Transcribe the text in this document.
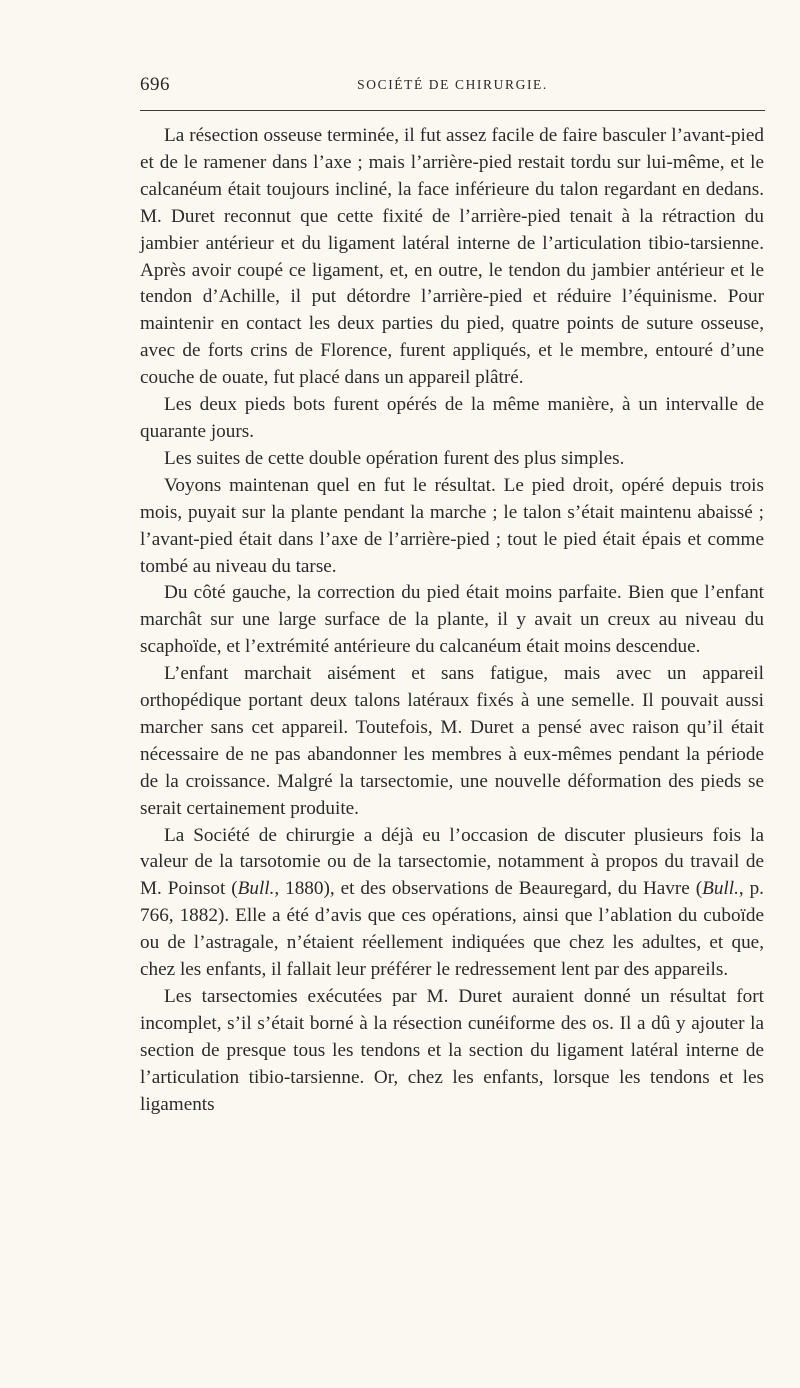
696	SOCIÉTÉ DE CHIRURGIE.

La résection osseuse terminée, il fut assez facile de faire basculer l’avant-pied et de le ramener dans l’axe ; mais l’arrière-pied restait tordu sur lui-même, et le calcanéum était toujours incliné, la face inférieure du talon regardant en dedans. M. Duret reconnut que cette fixité de l’arrière-pied tenait à la rétraction du jambier antérieur et du ligament latéral interne de l’articulation tibio-tarsienne. Après avoir coupé ce ligament, et, en outre, le tendon du jambier antérieur et le tendon d’Achille, il put détordre l’arrière-pied et réduire l’équinisme. Pour maintenir en contact les deux parties du pied, quatre points de suture osseuse, avec de forts crins de Florence, furent appliqués, et le membre, entouré d’une couche de ouate, fut placé dans un appareil plâtré.

Les deux pieds bots furent opérés de la même manière, à un intervalle de quarante jours.

Les suites de cette double opération furent des plus simples.

Voyons maintenan quel en fut le résultat. Le pied droit, opéré depuis trois mois, puyait sur la plante pendant la marche ; le talon s’était maintenu abaissé ; l’avant-pied était dans l’axe de l’arrière-pied ; tout le pied était épais et comme tombé au niveau du tarse.

Du côté gauche, la correction du pied était moins parfaite. Bien que l’enfant marchât sur une large surface de la plante, il y avait un creux au niveau du scaphoïde, et l’extrémité antérieure du calcanéum était moins descendue.

L’enfant marchait aisément et sans fatigue, mais avec un appareil orthopédique portant deux talons latéraux fixés à une semelle. Il pouvait aussi marcher sans cet appareil. Toutefois, M. Duret a pensé avec raison qu’il était nécessaire de ne pas abandonner les membres à eux-mêmes pendant la période de la croissance. Malgré la tarsectomie, une nouvelle déformation des pieds se serait certainement produite.

La Société de chirurgie a déjà eu l’occasion de discuter plusieurs fois la valeur de la tarsotomie ou de la tarsectomie, notamment à propos du travail de M. Poinsot (Bull., 1880), et des observations de Beauregard, du Havre (Bull., p. 766, 1882). Elle a été d’avis que ces opérations, ainsi que l’ablation du cuboïde ou de l’astragale, n’étaient réellement indiquées que chez les adultes, et que, chez les enfants, il fallait leur préférer le redressement lent par des appareils.

Les tarsectomies exécutées par M. Duret auraient donné un résultat fort incomplet, s’il s’était borné à la résection cunéiforme des os. Il a dû y ajouter la section de presque tous les tendons et la section du ligament latéral interne de l’articulation tibio-tarsienne. Or, chez les enfants, lorsque les tendons et les ligaments
